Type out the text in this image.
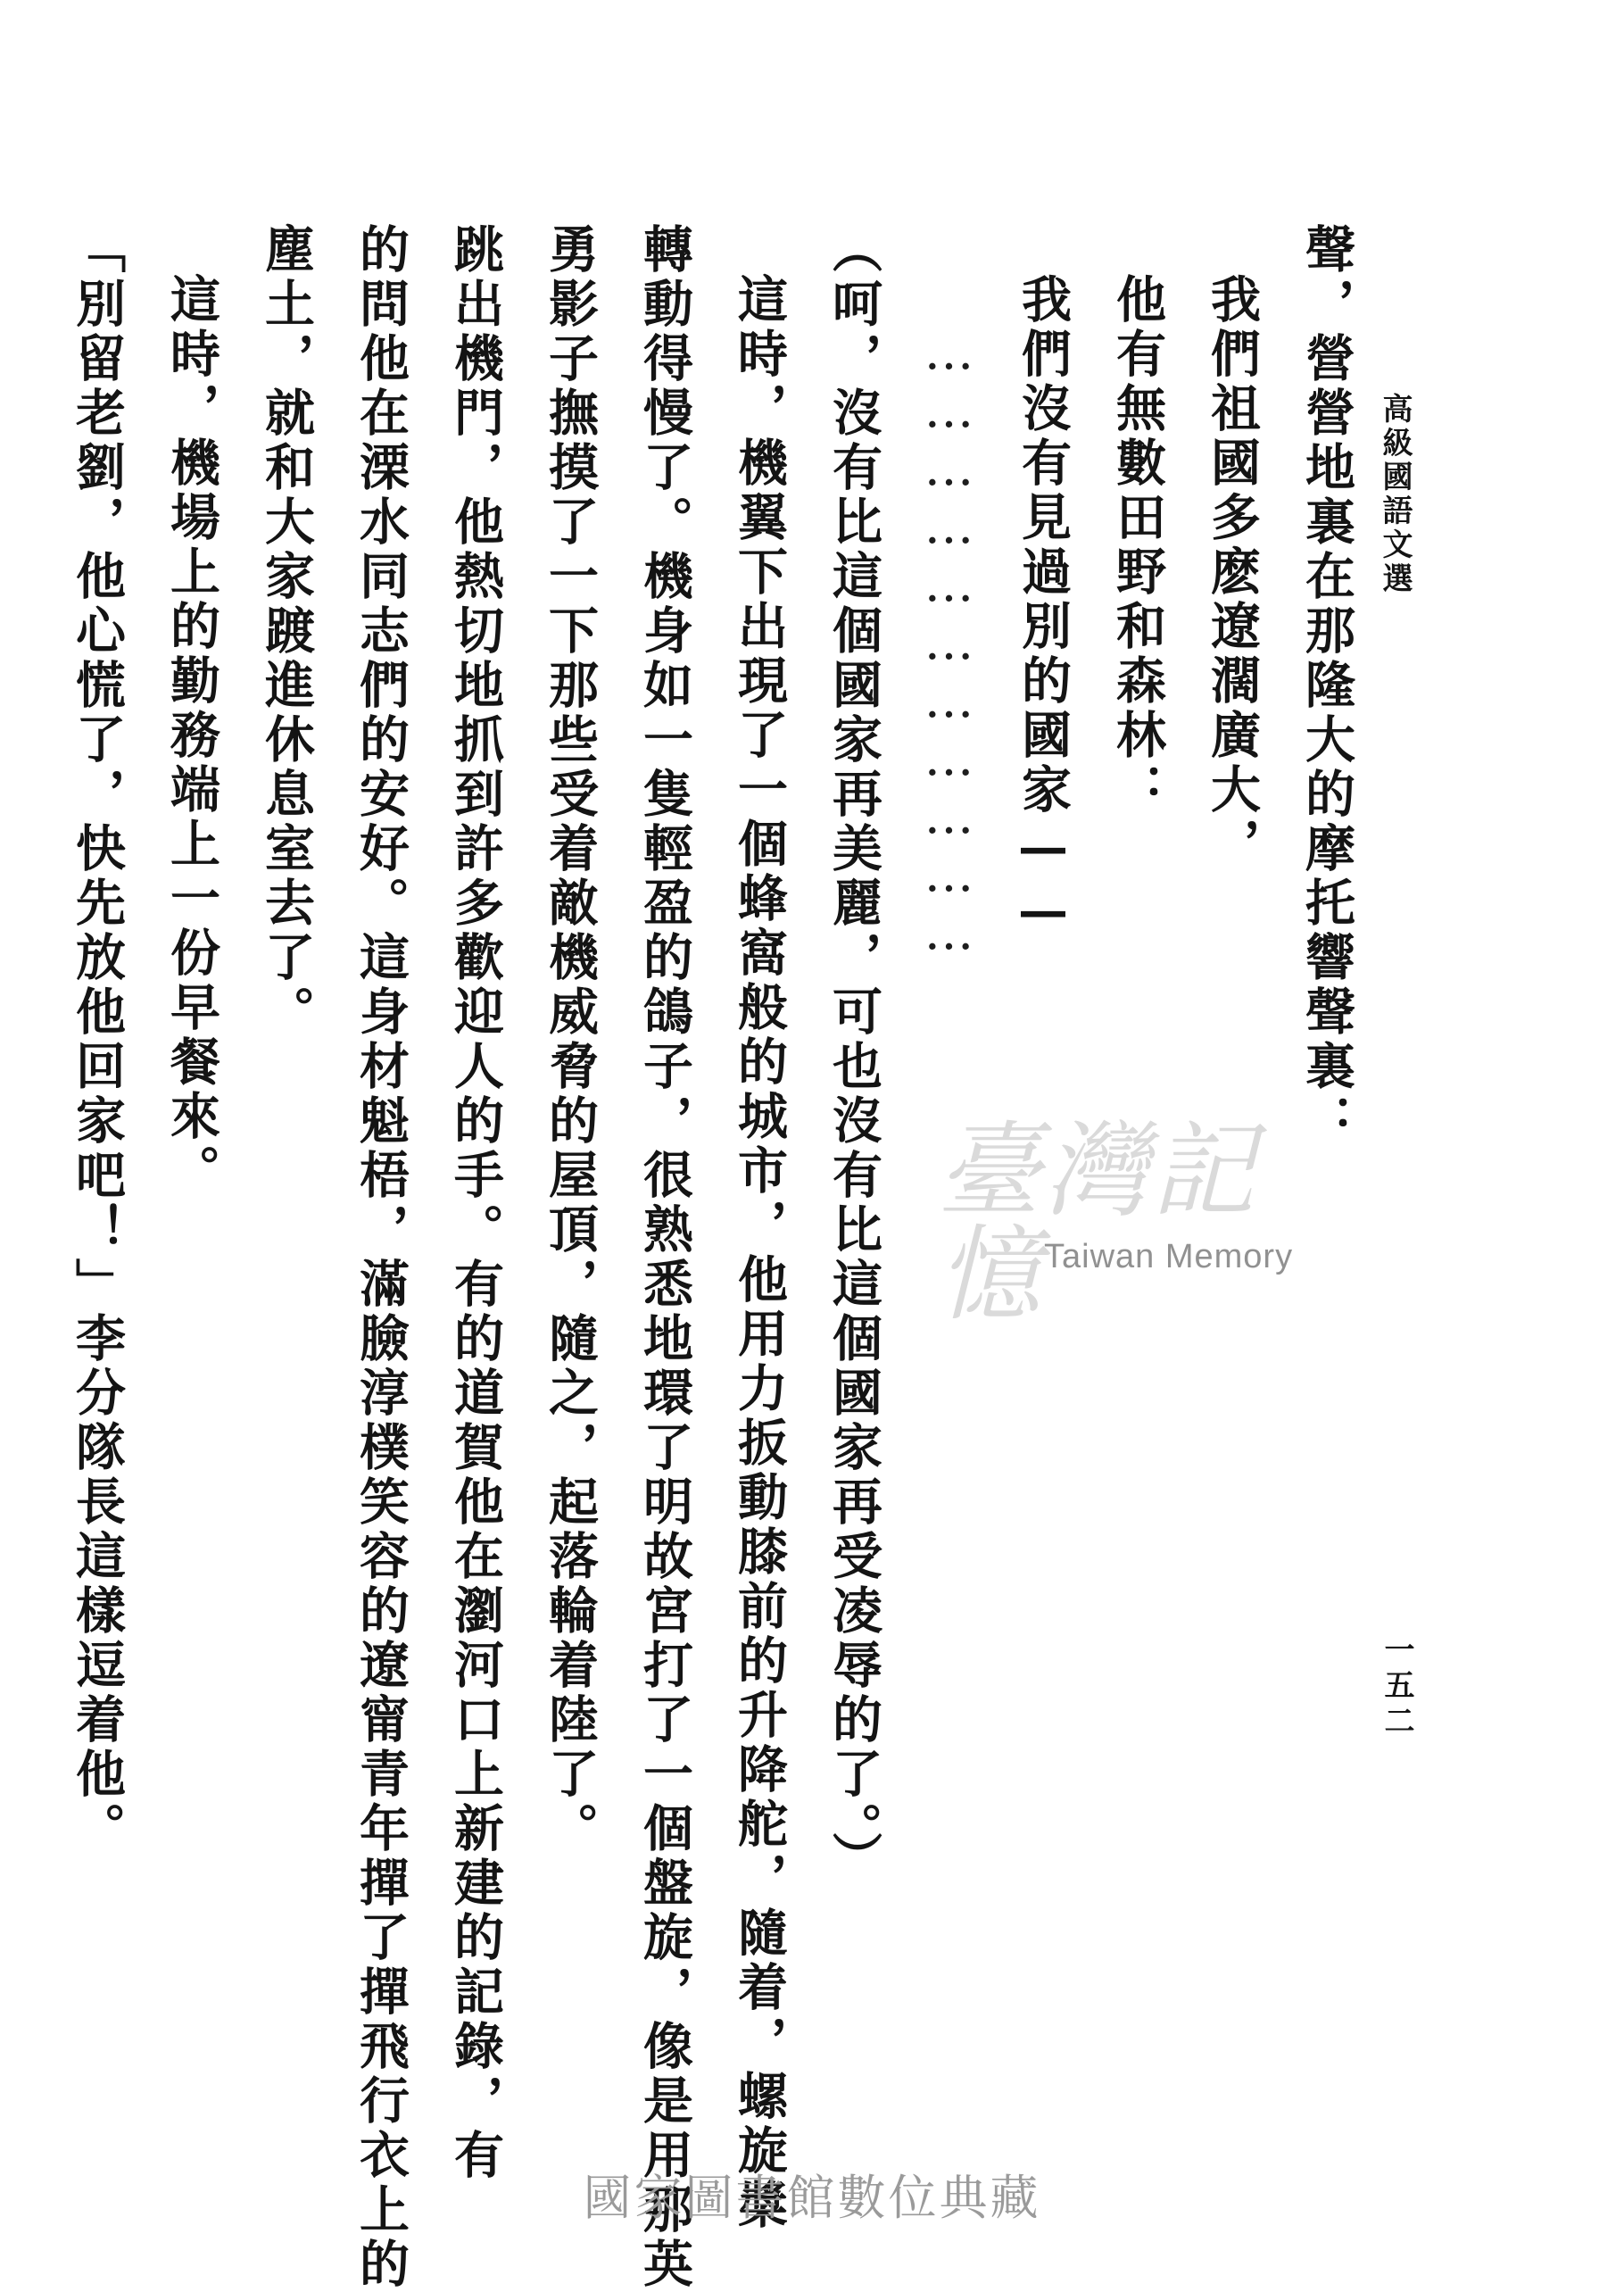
高級國語文選
一五二

聲，營營地裏在那隆大的摩托響聲裏：

我們祖國多麽遼濶廣大，

他有無數田野和森林：

我們沒有見過別的國家——

……………………………

（呵，沒有比這個國家再美麗，可也沒有比這個國家再受凌辱的了。）

這時，機翼下出現了一個蜂窩般的城市，他用力扳動膝前的升降舵，隨着，螺旋槳

轉動得慢了。機身如一隻輕盈的鴿子，很熟悉地環了明故宮打了一個盤旋，像是用那英

勇影子撫摸了一下那些受着敵機威脅的屋頂，隨之，起落輪着陸了。

跳出機門，他熱切地抓到許多歡迎人的手。有的道賀他在瀏河口上新建的記錄，有

的問他在溧水同志們的安好。這身材魁梧，滿臉淳樸笑容的遼甯青年撣了撣飛行衣上的

塵土，就和大家踱進休息室去了。

這時，機場上的勤務端上一份早餐來。

「別留老劉，他心慌了，快先放他回家吧！」李分隊長這樣逗着他。	臺灣記憶 Taiwan Memory
國家圖書館數位典藏
